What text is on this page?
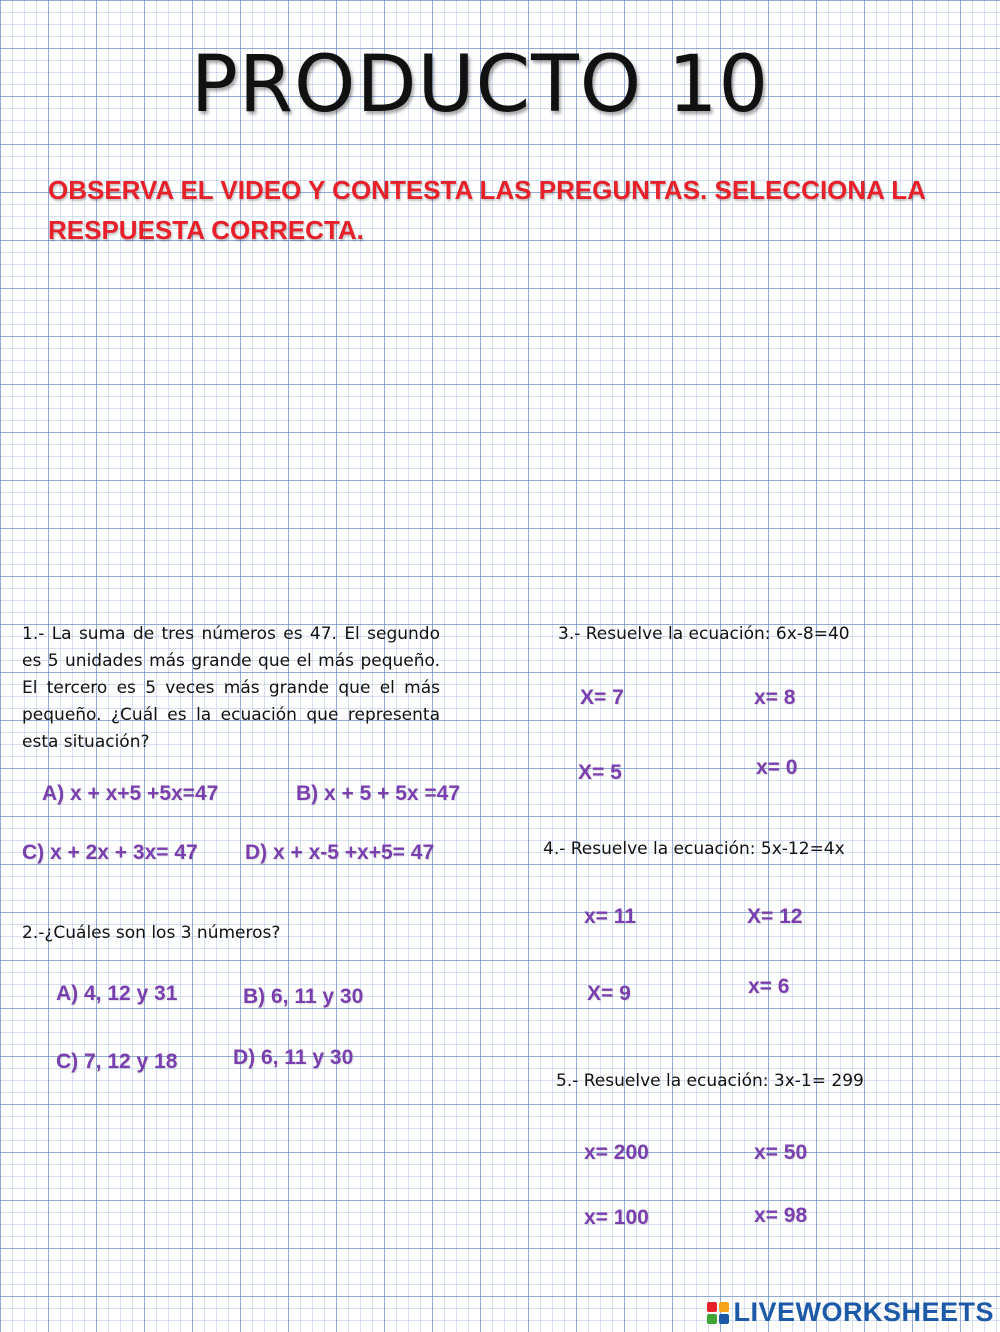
PRODUCTO 10
OBSERVA EL VIDEO Y CONTESTA LAS PREGUNTAS. SELECCIONA LA RESPUESTA CORRECTA.
1.- La suma de tres números es 47. El segundo es 5 unidades más grande que el más pequeño. El tercero es 5 veces más grande que el más pequeño. ¿Cuál es la ecuación que representa esta situación?
A) x + x+5 +5x=47	B) x + 5 + 5x =47
C) x + 2x + 3x= 47 D) x + x-5 +x+5= 47
2.-¿Cuáles son los 3 números?
A) 4, 12 y 31	B) 6, 11 y 30
C) 7, 12 y 18	D) 6, 11 y 30
3.- Resuelve la ecuación: 6x-8=40
X= 7	x= 8
X= 5	x= 0
4.- Resuelve la ecuación: 5x-12=4x
x= 11	X= 12
X= 9	x= 6
5.- Resuelve la ecuación: 3x-1= 299
x= 200	x= 50
x= 100	x= 98
LIVEWORKSHEETS
